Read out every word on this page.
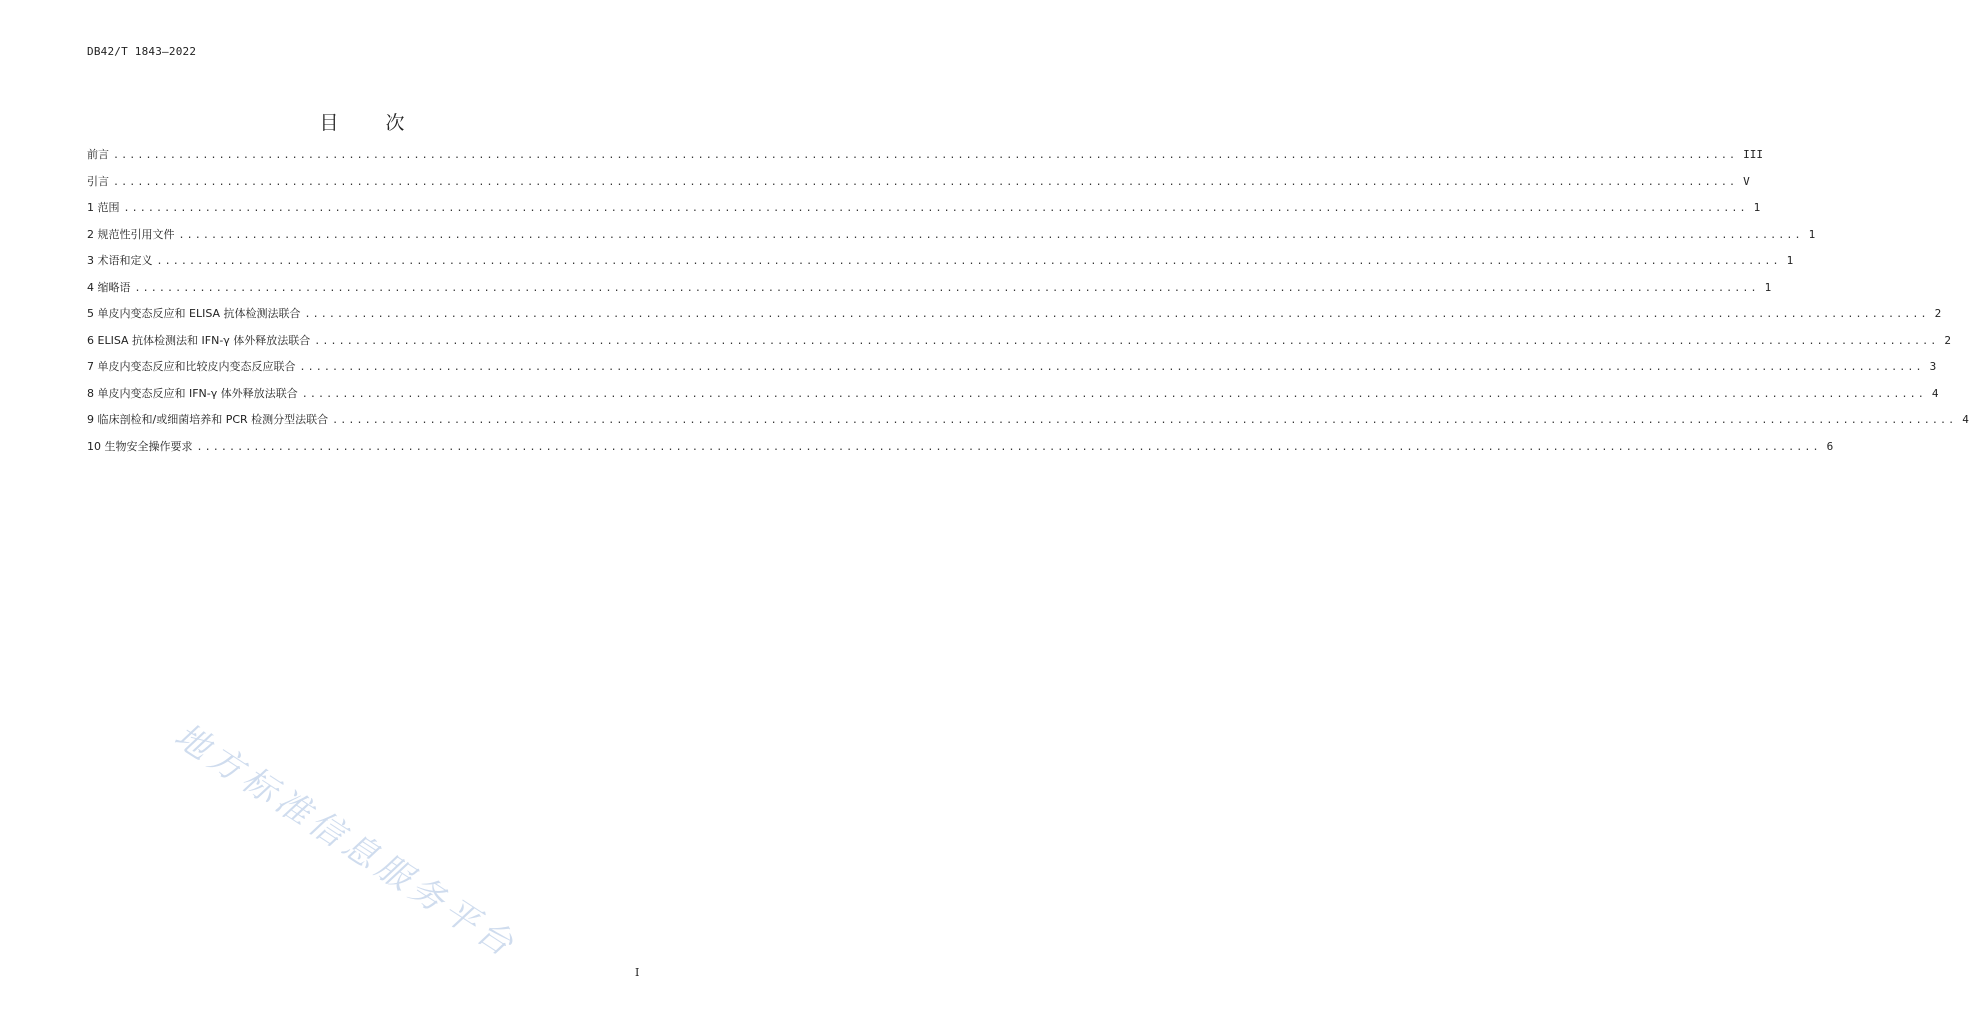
DB42/T 1843—2022
目　次
前言 ........................................................................................................................................................................................................ III
引言 ........................................................................................................................................................................................................ V
1 范围 ........................................................................................................................................................................................................ 1
2 规范性引用文件 ........................................................................................................................................................................................................ 1
3 术语和定义 ........................................................................................................................................................................................................ 1
4 缩略语 ........................................................................................................................................................................................................ 1
5 单皮内变态反应和 ELISA 抗体检测法联合 ........................................................................................................................................................................................................ 2
6 ELISA 抗体检测法和 IFN-γ 体外释放法联合 ........................................................................................................................................................................................................ 2
7 单皮内变态反应和比较皮内变态反应联合 ........................................................................................................................................................................................................ 3
8 单皮内变态反应和 IFN-γ 体外释放法联合 ........................................................................................................................................................................................................ 4
9 临床剖检和/或细菌培养和 PCR 检测分型法联合 ........................................................................................................................................................................................................ 4
10 生物安全操作要求 ........................................................................................................................................................................................................ 6
地方标准信息服务平台
I
